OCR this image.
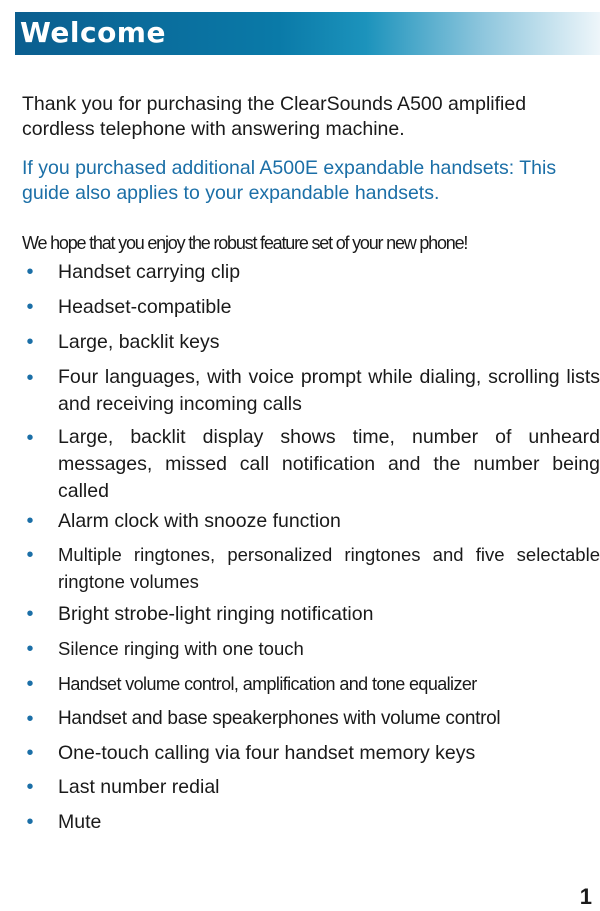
Welcome

Thank you for purchasing the ClearSounds A500 amplified cordless telephone with answering machine.

If you purchased additional A500E expandable handsets: This guide also applies to your expandable handsets.

We hope that you enjoy the robust feature set of your new phone!

• Handset carrying clip
• Headset-compatible
• Large, backlit keys
• Four languages, with voice prompt while dialing, scrolling lists and receiving incoming calls
• Large, backlit display shows time, number of unheard messages, missed call notification and the number being called
• Alarm clock with snooze function
• Multiple ringtones, personalized ringtones and five selectable ringtone volumes
• Bright strobe-light ringing notification
• Silence ringing with one touch
• Handset volume control, amplification and tone equalizer
• Handset and base speakerphones with volume control
• One-touch calling via four handset memory keys
• Last number redial
• Mute
1
